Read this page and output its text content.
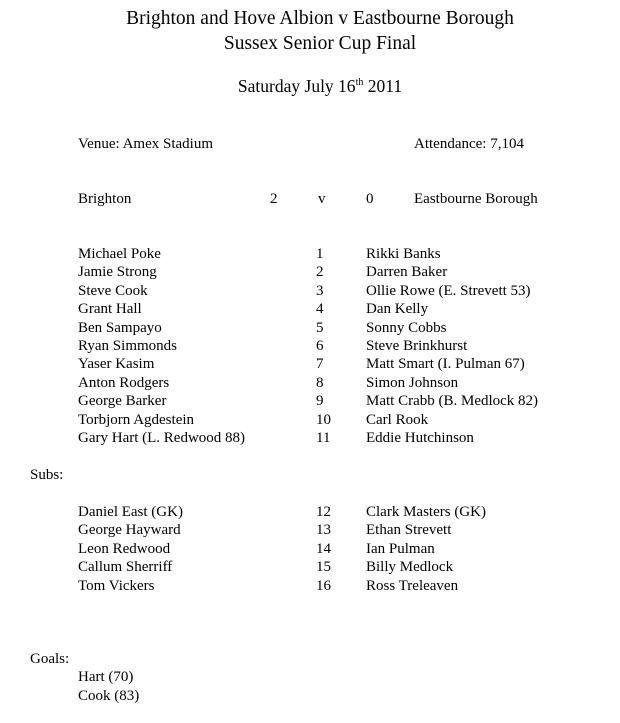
Brighton and Hove Albion v Eastbourne Borough
Sussex Senior Cup Final
Saturday July 16th 2011
Venue: Amex Stadium	Attendance: 7,104
Brighton	2	v	0	Eastbourne Borough
Michael Poke	1	Rikki Banks
Jamie Strong	2	Darren Baker
Steve Cook	3	Ollie Rowe (E. Strevett 53)
Grant Hall	4	Dan Kelly
Ben Sampayo	5	Sonny Cobbs
Ryan Simmonds	6	Steve Brinkhurst
Yaser Kasim	7	Matt Smart (I. Pulman 67)
Anton Rodgers	8	Simon Johnson
George Barker	9	Matt Crabb (B. Medlock 82)
Torbjorn Agdestein	10 Carl Rook
Gary Hart (L. Redwood 88)	11 Eddie Hutchinson
Subs:
Daniel East (GK)	12 Clark Masters (GK)
George Hayward	13 Ethan Strevett
Leon Redwood	14 Ian Pulman
Callum Sherriff	15 Billy Medlock
Tom Vickers	16 Ross Treleaven
Goals:
Hart (70)
Cook (83)
